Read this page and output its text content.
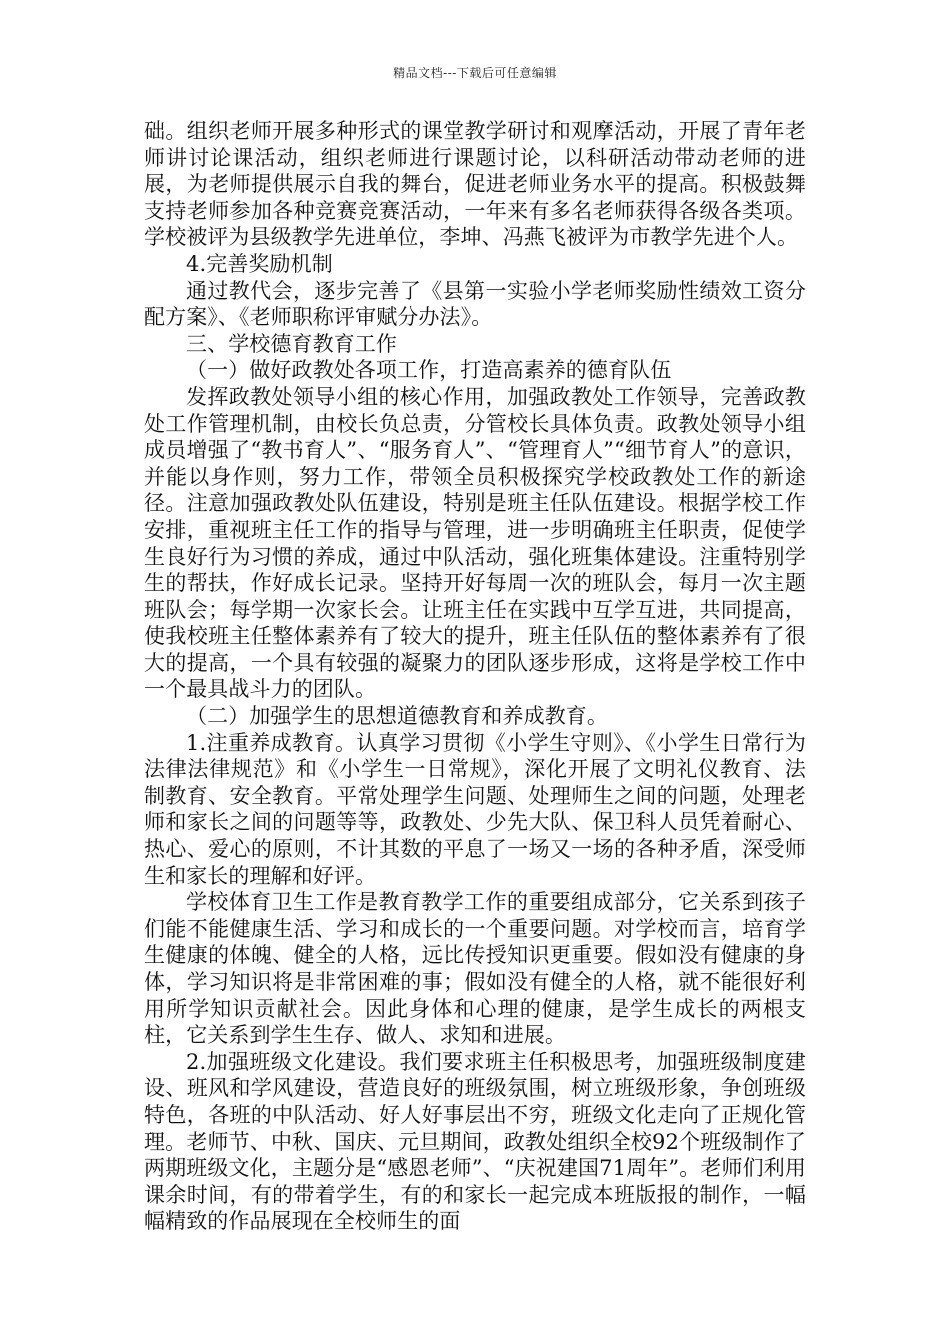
精品文档---下载后可任意编辑

础。组织老师开展多种形式的课堂教学研讨和观摩活动，开展了青年老师讲讨论课活动，组织老师进行课题讨论，以科研活动带动老师的进展，为老师提供展示自我的舞台，促进老师业务水平的提高。积极鼓舞支持老师参加各种竞赛竞赛活动，一年来有多名老师获得各级各类项。学校被评为县级教学先进单位，李坤、冯燕飞被评为市教学先进个人。

4.完善奖励机制

通过教代会，逐步完善了《县第一实验小学老师奖励性绩效工资分配方案》、《老师职称评审赋分办法》。

三、学校德育教育工作

（一）做好政教处各项工作，打造高素养的德育队伍

发挥政教处领导小组的核心作用，加强政教处工作领导，完善政教处工作管理机制，由校长负总责，分管校长具体负责。政教处领导小组成员增强了“教书育人”、“服务育人”、“管理育人”“细节育人”的意识，并能以身作则，努力工作，带领全员积极探究学校政教处工作的新途径。注意加强政教处队伍建设，特别是班主任队伍建设。根据学校工作安排，重视班主任工作的指导与管理，进一步明确班主任职责，促使学生良好行为习惯的养成，通过中队活动，强化班集体建设。注重特别学生的帮扶，作好成长记录。坚持开好每周一次的班队会，每月一次主题班队会；每学期一次家长会。让班主任在实践中互学互进，共同提高，使我校班主任整体素养有了较大的提升，班主任队伍的整体素养有了很大的提高，一个具有较强的凝聚力的团队逐步形成，这将是学校工作中一个最具战斗力的团队。

（二）加强学生的思想道德教育和养成教育。

1.注重养成教育。认真学习贯彻《小学生守则》、《小学生日常行为法律法律规范》和《小学生一日常规》，深化开展了文明礼仪教育、法制教育、安全教育。平常处理学生问题、处理师生之间的问题，处理老师和家长之间的问题等等，政教处、少先大队、保卫科人员凭着耐心、热心、爱心的原则，不计其数的平息了一场又一场的各种矛盾，深受师生和家长的理解和好评。

学校体育卫生工作是教育教学工作的重要组成部分，它关系到孩子们能不能健康生活、学习和成长的一个重要问题。对学校而言，培育学生健康的体魄、健全的人格，远比传授知识更重要。假如没有健康的身体，学习知识将是非常困难的事；假如没有健全的人格，就不能很好利用所学知识贡献社会。因此身体和心理的健康，是学生成长的两根支柱，它关系到学生生存、做人、求知和进展。

2.加强班级文化建设。我们要求班主任积极思考，加强班级制度建设、班风和学风建设，营造良好的班级氛围，树立班级形象，争创班级特色，各班的中队活动、好人好事层出不穷，班级文化走向了正规化管理。老师节、中秋、国庆、元旦期间，政教处组织全校92个班级制作了两期班级文化，主题分是“感恩老师”、“庆祝建国71周年”。老师们利用课余时间，有的带着学生，有的和家长一起完成本班版报的制作，一幅幅精致的作品展现在全校师生的面
